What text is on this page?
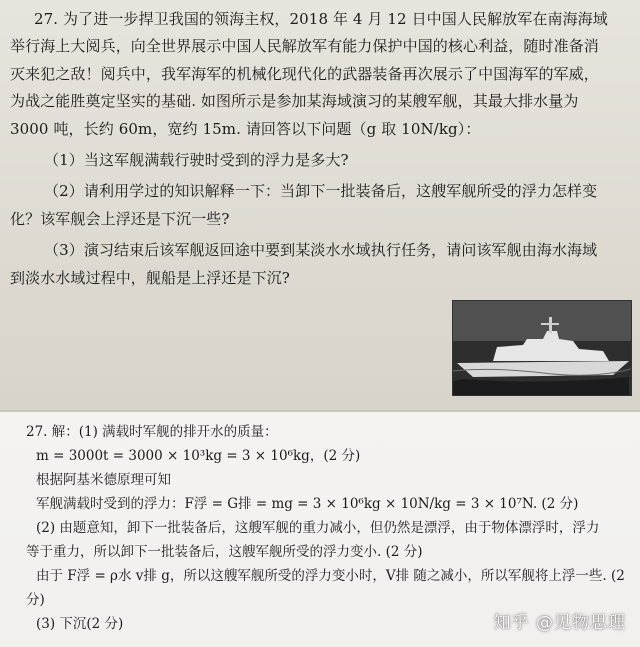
27. 为了进一步捍卫我国的领海主权，2018 年 4 月 12 日中国人民解放军在南海海域

举行海上大阅兵，向全世界展示中国人民解放军有能力保护中国的核心利益，随时准备消

灭来犯之敌！阅兵中，我军海军的机械化现代化的武器装备再次展示了中国海军的军威，

为战之能胜奠定坚实的基础. 如图所示是参加某海域演习的某艘军舰，其最大排水量为

3000 吨，长约 60m，宽约 15m. 请回答以下问题（g 取 10N/kg）：

（1）当这军舰满载行驶时受到的浮力是多大?

（2）请利用学过的知识解释一下：当卸下一批装备后，这艘军舰所受的浮力怎样变

化？该军舰会上浮还是下沉一些?

（3）演习结束后该军舰返回途中要到某淡水水域执行任务，请问该军舰由海水海域

到淡水水域过程中，舰船是上浮还是下沉?

27. 解：(1) 满载时军舰的排开水的质量：

m = 3000t = 3000 × 10³kg = 3 × 10⁶kg，(2 分)

根据阿基米德原理可知

军舰满载时受到的浮力：F浮 = G排 = mg = 3 × 10⁶kg × 10N/kg = 3 × 10⁷N. (2 分)

(2) 由题意知，卸下一批装备后，这艘军舰的重力减小，但仍然是漂浮，由于物体漂浮时，浮力

等于重力，所以卸下一批装备后，这艘军舰所受的浮力变小. (2 分)

由于 F浮 = ρ水 v排 g，所以这艘军舰所受的浮力变小时，V排 随之减小，所以军舰将上浮一些. (2

分)

(3) 下沉(2 分)	知乎 @见物思理
